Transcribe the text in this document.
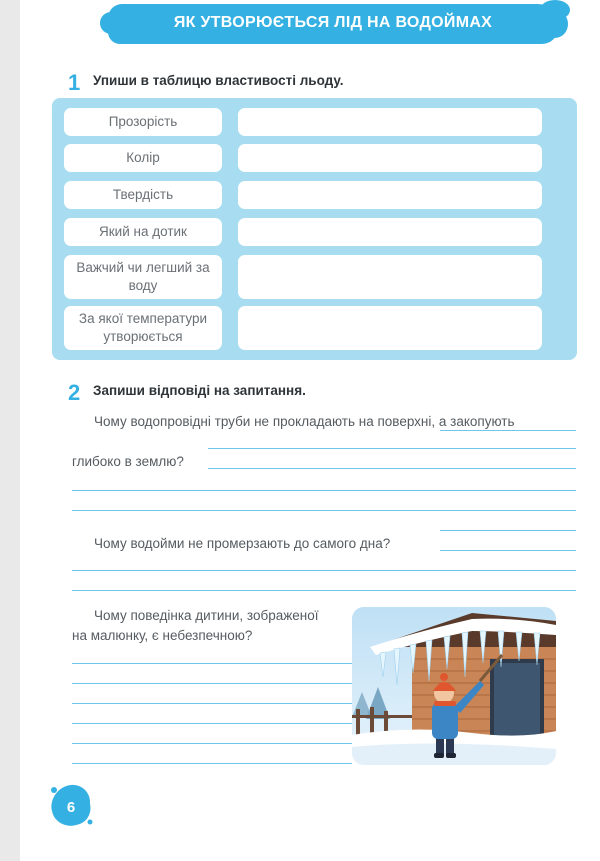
ЯК УТВОРЮЄТЬСЯ ЛІД НА ВОДОЙМАХ
1 Упиши в таблицю властивості льоду.
Прозорість
Колір
Твердість
Який на дотик
Важчий чи легший за воду
За якої температури утворюється
2 Запиши відповіді на запитання.
Чому водопровідні труби не прокладають на поверхні, а закопують
глибоко в землю?
Чому водойми не промерзають до самого дна?
Чому поведінка дитини, зображеної
на малюнку, є небезпечною?
6
